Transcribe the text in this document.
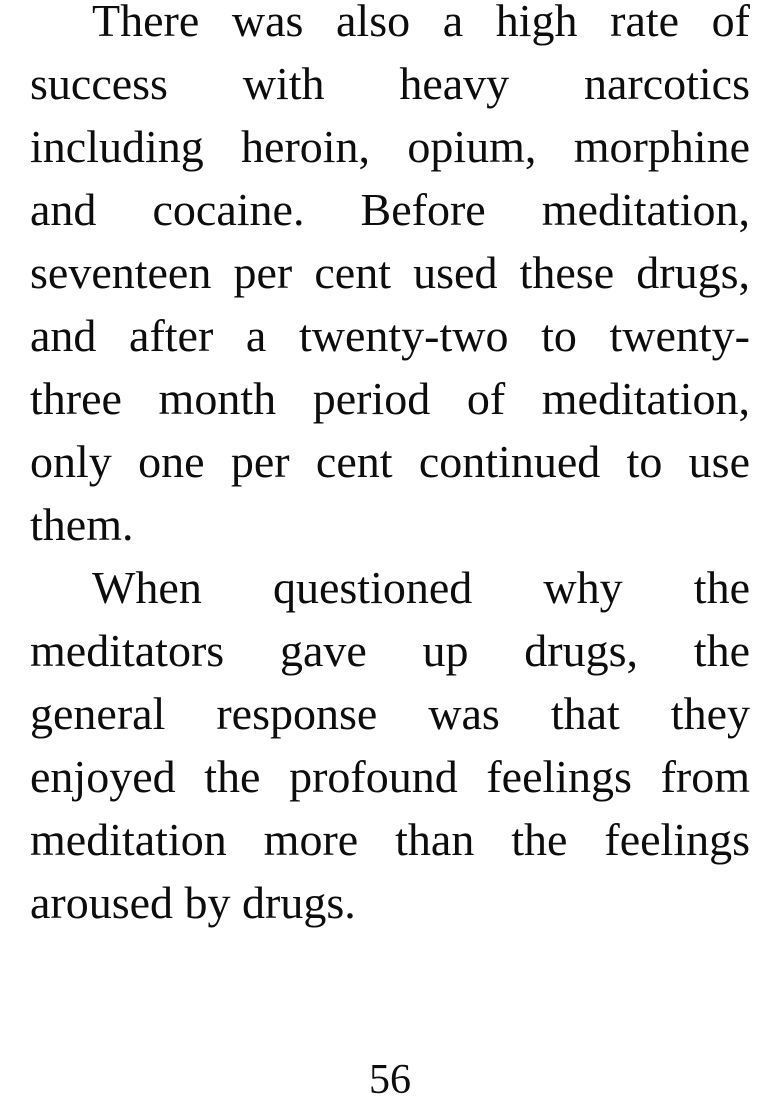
There was also a high rate of
success with heavy narcotics
including heroin, opium, morphine
and cocaine. Before meditation,
seventeen per cent used these drugs,
and after a twenty-two to twenty-
three month period of meditation,
only one per cent continued to use
them.
When questioned why the
meditators gave up drugs, the
general response was that they
enjoyed the profound feelings from
meditation more than the feelings
aroused by drugs.
56
